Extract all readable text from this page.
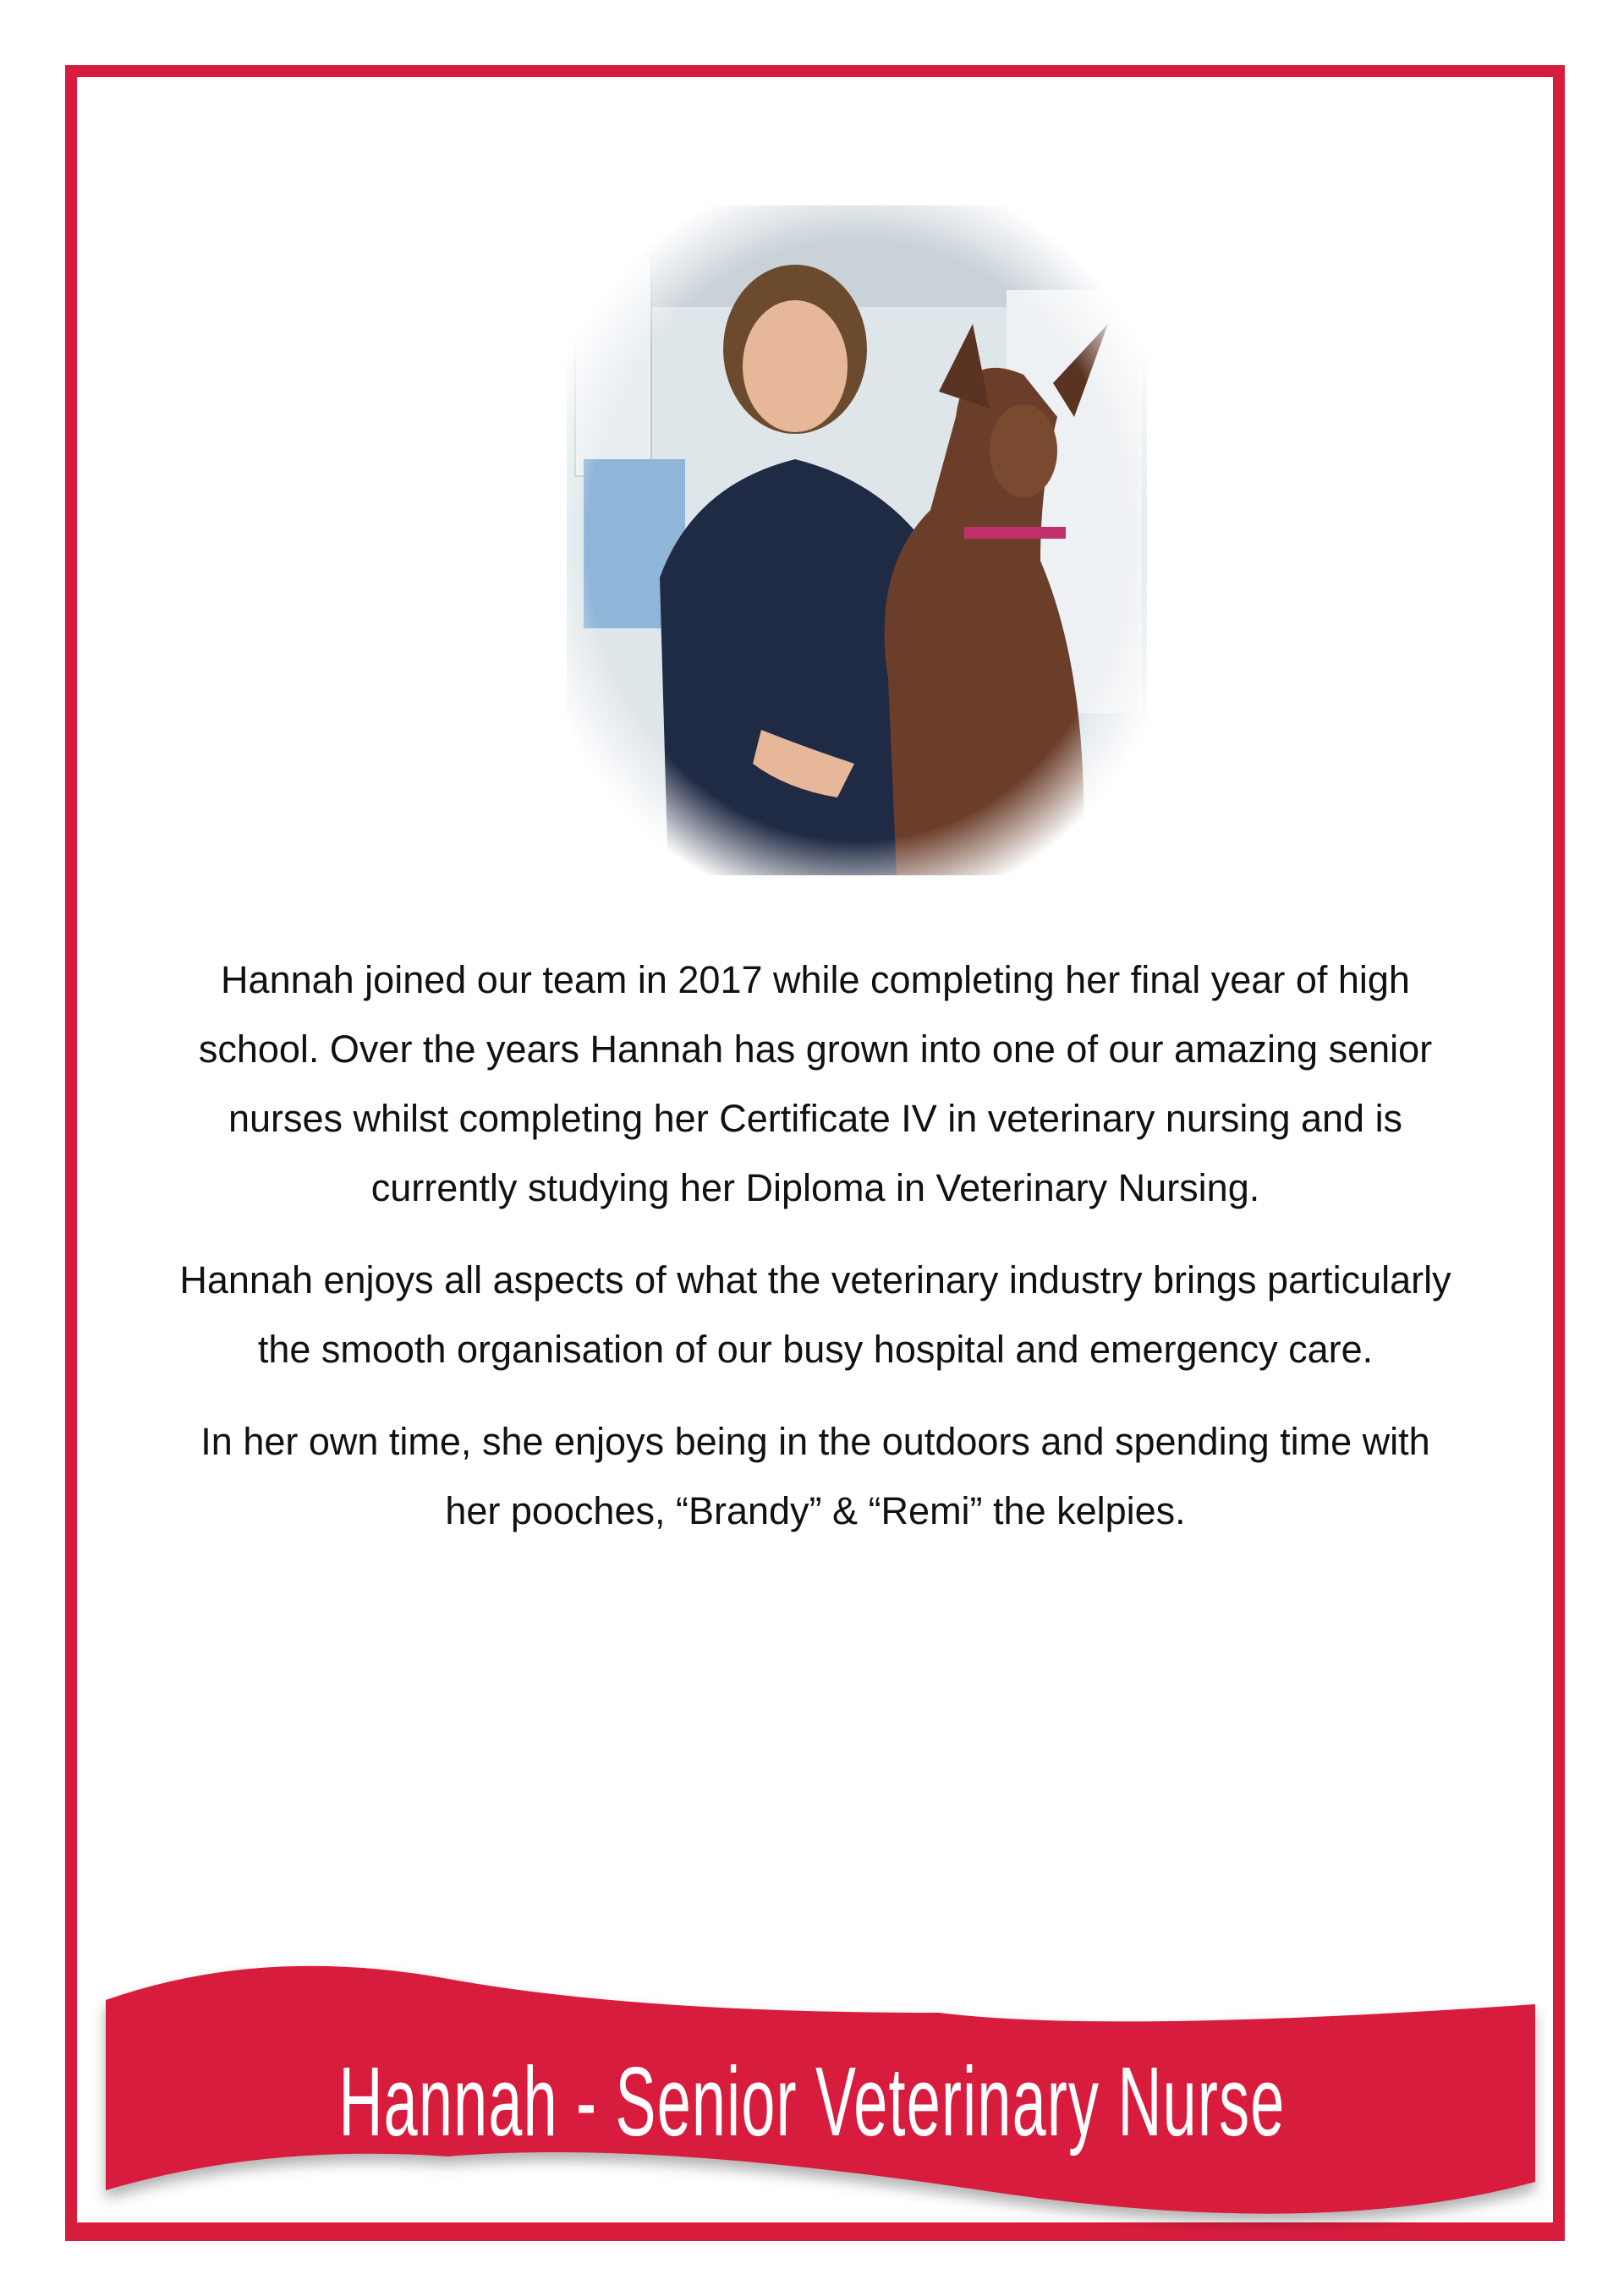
Hannah joined our team in 2017 while completing her final year of high school. Over the years Hannah has grown into one of our amazing senior nurses whilst completing her Certificate IV in veterinary nursing and is currently studying her Diploma in Veterinary Nursing.

Hannah enjoys all aspects of what the veterinary industry brings particularly the smooth organisation of our busy hospital and emergency care.

In her own time, she enjoys being in the outdoors and spending time with her pooches, “Brandy” & “Remi” the kelpies.

Hannah - Senior Veterinary Nurse
